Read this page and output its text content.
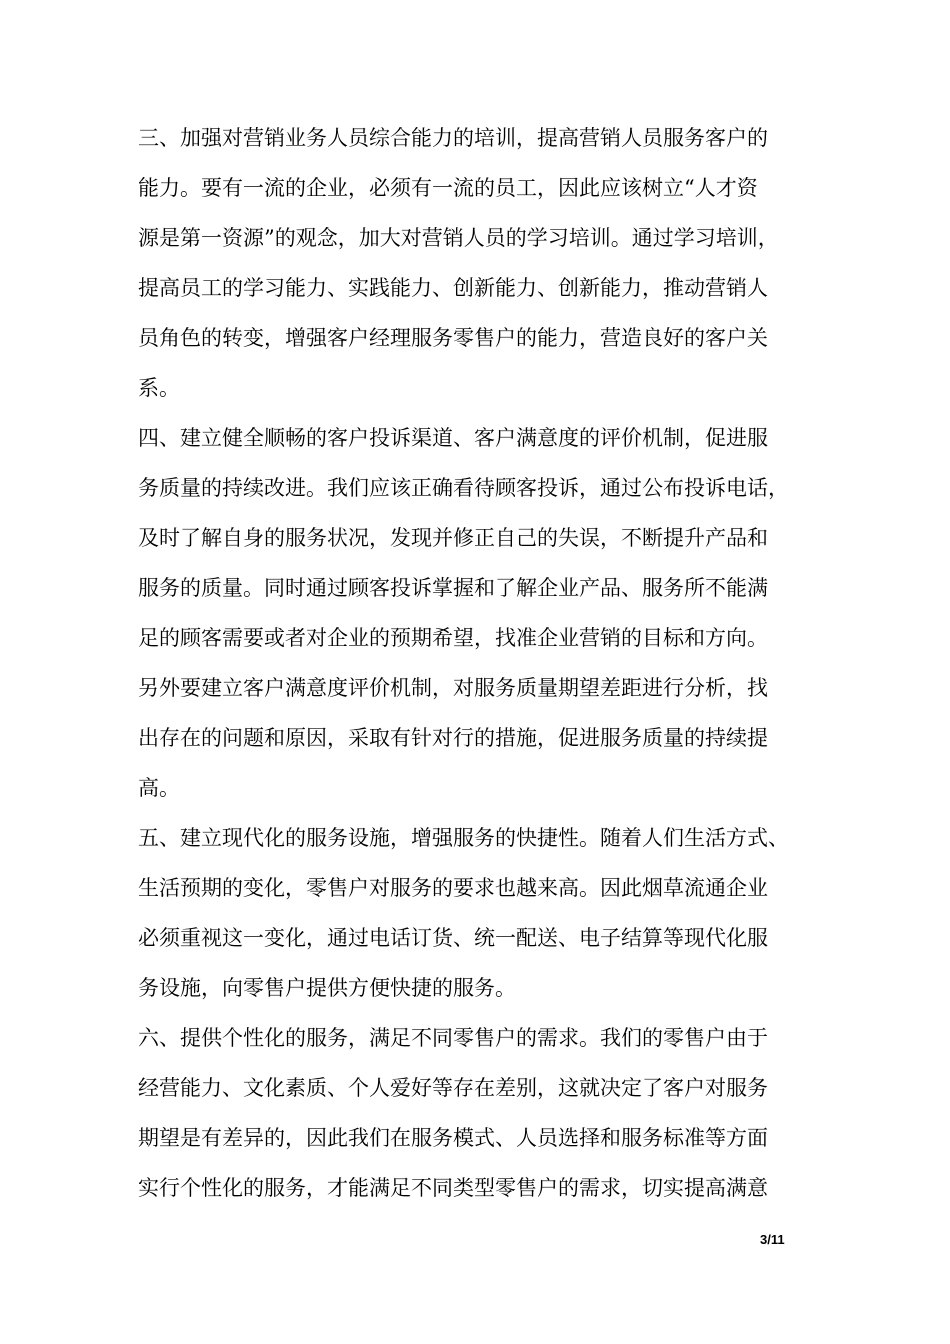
三、加强对营销业务人员综合能力的培训，提高营销人员服务客户的
能力。要有一流的企业，必须有一流的员工，因此应该树立“人才资
源是第一资源”的观念，加大对营销人员的学习培训。通过学习培训，
提高员工的学习能力、实践能力、创新能力、创新能力，推动营销人
员角色的转变，增强客户经理服务零售户的能力，营造良好的客户关
系。
四、建立健全顺畅的客户投诉渠道、客户满意度的评价机制，促进服
务质量的持续改进。我们应该正确看待顾客投诉，通过公布投诉电话，
及时了解自身的服务状况，发现并修正自己的失误，不断提升产品和
服务的质量。同时通过顾客投诉掌握和了解企业产品、服务所不能满
足的顾客需要或者对企业的预期希望，找准企业营销的目标和方向。
另外要建立客户满意度评价机制，对服务质量期望差距进行分析，找
出存在的问题和原因，采取有针对行的措施，促进服务质量的持续提
高。
五、建立现代化的服务设施，增强服务的快捷性。随着人们生活方式、
生活预期的变化，零售户对服务的要求也越来高。因此烟草流通企业
必须重视这一变化，通过电话订货、统一配送、电子结算等现代化服
务设施，向零售户提供方便快捷的服务。
六、提供个性化的服务，满足不同零售户的需求。我们的零售户由于
经营能力、文化素质、个人爱好等存在差别，这就决定了客户对服务
期望是有差异的，因此我们在服务模式、人员选择和服务标准等方面
实行个性化的服务，才能满足不同类型零售户的需求，切实提高满意
3/11
